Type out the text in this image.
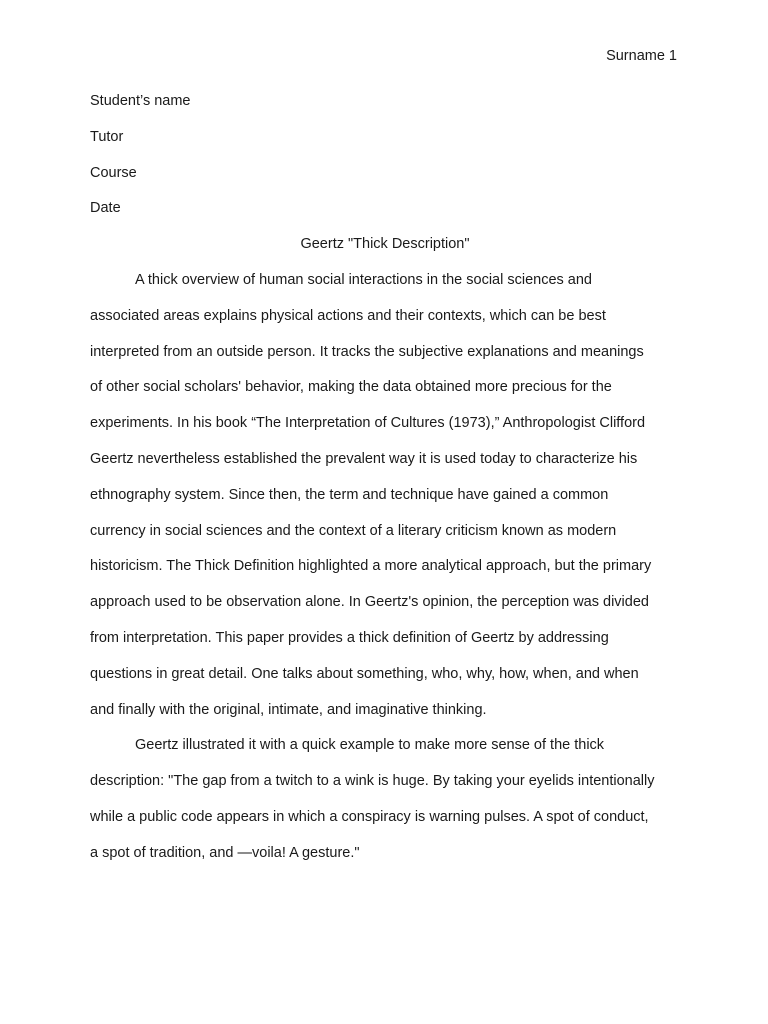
Surname 1
Student’s name
Tutor
Course
Date
Geertz "Thick Description"
A thick overview of human social interactions in the social sciences and
associated areas explains physical actions and their contexts, which can be best
interpreted from an outside person. It tracks the subjective explanations and meanings
of other social scholars' behavior, making the data obtained more precious for the
experiments. In his book “The Interpretation of Cultures (1973),” Anthropologist Clifford
Geertz nevertheless established the prevalent way it is used today to characterize his
ethnography system. Since then, the term and technique have gained a common
currency in social sciences and the context of a literary criticism known as modern
historicism. The Thick Definition highlighted a more analytical approach, but the primary
approach used to be observation alone. In Geertz's opinion, the perception was divided
from interpretation. This paper provides a thick definition of Geertz by addressing
questions in great detail. One talks about something, who, why, how, when, and when
and finally with the original, intimate, and imaginative thinking.
Geertz illustrated it with a quick example to make more sense of the thick
description: "The gap from a twitch to a wink is huge. By taking your eyelids intentionally
while a public code appears in which a conspiracy is warning pulses. A spot of conduct,
a spot of tradition, and —voila! A gesture."
